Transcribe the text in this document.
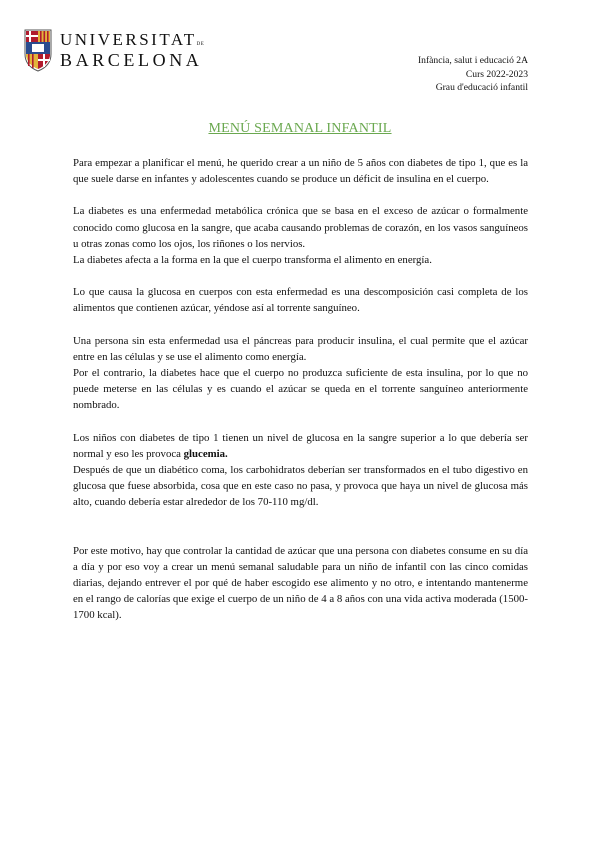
UNIVERSITATDE
BARCELONA	Infància, salut i educació 2A
Curs 2022-2023
Grau d'educació infantil
MENÚ SEMANAL INFANTIL

Para empezar a planificar el menú, he querido crear a un niño de 5 años con diabetes de tipo 1, que es la que suele darse en infantes y adolescentes cuando se produce un déficit de insulina en el cuerpo.

La diabetes es una enfermedad metabólica crónica que se basa en el exceso de azúcar o formalmente conocido como glucosa en la sangre, que acaba causando problemas de corazón, en los vasos sanguíneos u otras zonas como los ojos, los riñones o los nervios.

La diabetes afecta a la forma en la que el cuerpo transforma el alimento en energía.

Lo que causa la glucosa en cuerpos con esta enfermedad es una descomposición casi completa de los alimentos que contienen azúcar, yéndose así al torrente sanguíneo.

Una persona sin esta enfermedad usa el páncreas para producir insulina, el cual permite que el azúcar entre en las células y se use el alimento como energía.

Por el contrario, la diabetes hace que el cuerpo no produzca suficiente de esta insulina, por lo que no puede meterse en las células y es cuando el azúcar se queda en el torrente sanguíneo anteriormente nombrado.

Los niños con diabetes de tipo 1 tienen un nivel de glucosa en la sangre superior a lo que debería ser normal y eso les provoca glucemia.

Después de que un diabético coma, los carbohidratos deberían ser transformados en el tubo digestivo en glucosa que fuese absorbida, cosa que en este caso no pasa, y provoca que haya un nivel de glucosa más alto, cuando debería estar alrededor de los 70-110 mg/dl.

Por este motivo, hay que controlar la cantidad de azúcar que una persona con diabetes consume en su día a día y por eso voy a crear un menú semanal saludable para un niño de infantil con las cinco comidas diarias, dejando entrever el por qué de haber escogido ese alimento y no otro, e intentando mantenerme en el rango de calorías que exige el cuerpo de un niño de 4 a 8 años con una vida activa moderada (1500-1700 kcal).
